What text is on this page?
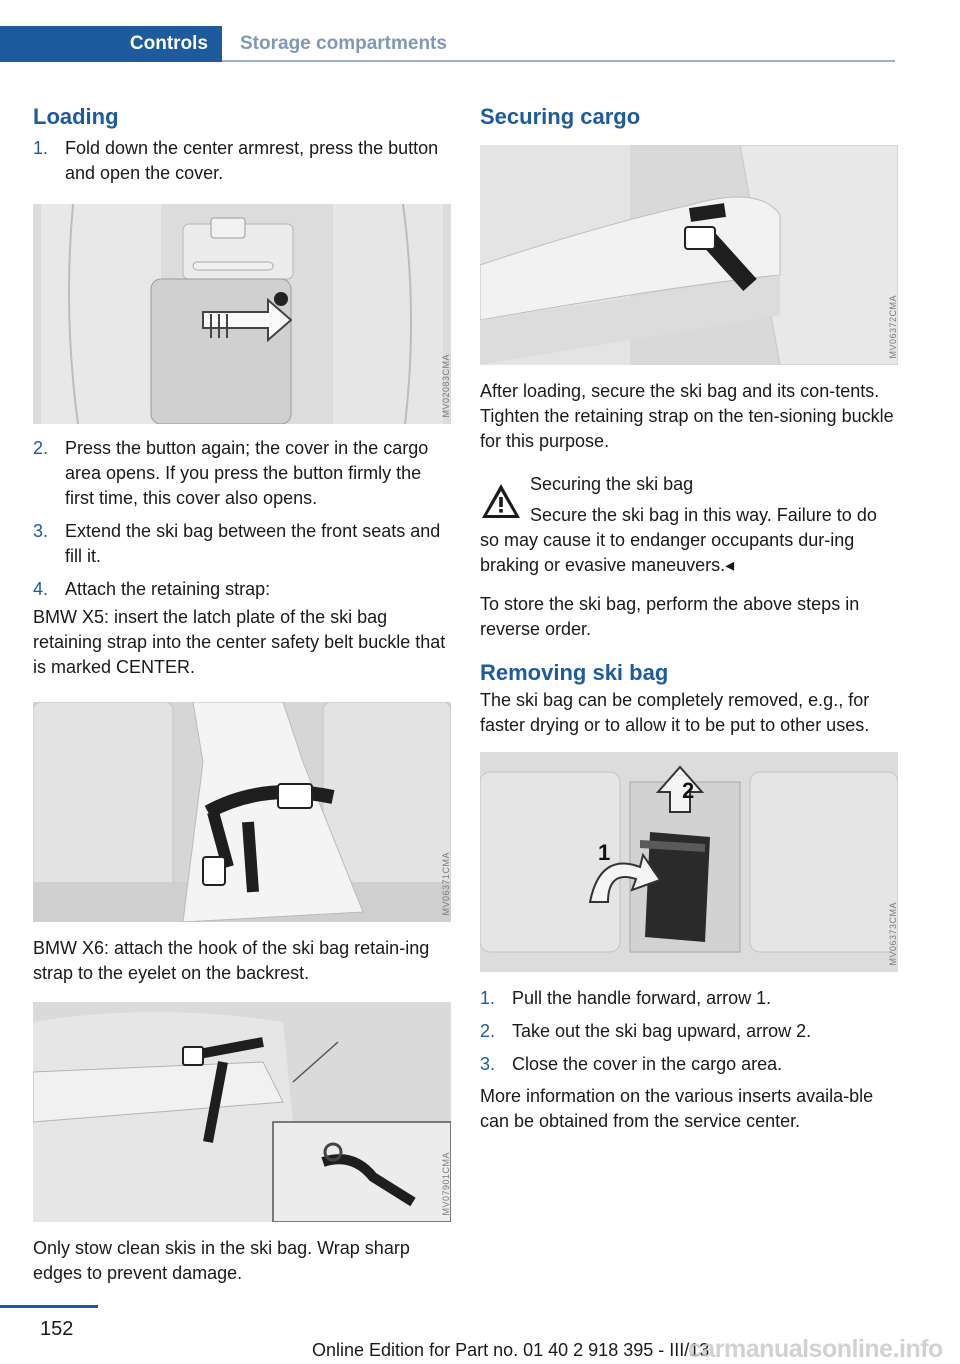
Controls	Storage compartments
Loading
1. Fold down the center armrest, press the button and open the cover.
MV02083CMA
2. Press the button again; the cover in the cargo area opens. If you press the button firmly the first time, this cover also opens.
3. Extend the ski bag between the front seats and fill it.
4. Attach the retaining strap:

BMW X5: insert the latch plate of the ski bag retaining strap into the center safety belt buckle that is marked CENTER.

MV06371CMA

BMW X6: attach the hook of the ski bag retain‐ing strap to the eyelet on the backrest.

MV07901CMA

Only stow clean skis in the ski bag. Wrap sharp edges to prevent damage.

Securing cargo
MV06372CMA

After loading, secure the ski bag and its con‐tents. Tighten the retaining strap on the ten‐sioning buckle for this purpose.

Securing the ski bag

Secure the ski bag in this way. Failure to do so may cause it to endanger occupants dur‐ing braking or evasive maneuvers.◂

To store the ski bag, perform the above steps in reverse order.

Removing ski bag

The ski bag can be completely removed, e.g., for faster drying or to allow it to be put to other uses.

2
1
MV06373CMA
1. Pull the handle forward, arrow 1.
2. Take out the ski bag upward, arrow 2.
3. Close the cover in the cargo area.

More information on the various inserts availa‐ble can be obtained from the service center.

152
Online Edition for Part no. 01 40 2 918 395 - III/13
carmanualsonline.info
